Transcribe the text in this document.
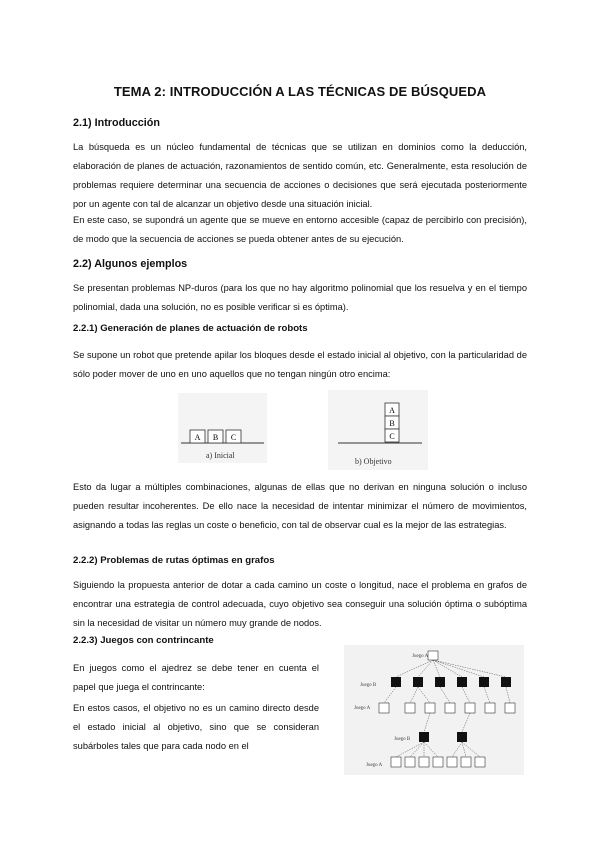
TEMA 2: INTRODUCCIÓN A LAS TÉCNICAS DE BÚSQUEDA
2.1) Introducción

La búsqueda es un núcleo fundamental de técnicas que se utilizan en dominios como la deducción, elaboración de planes de actuación, razonamientos de sentido común, etc. Generalmente, esta resolución de problemas requiere determinar una secuencia de acciones o decisiones que será ejecutada posteriormente por un agente con tal de alcanzar un objetivo desde una situación inicial.

En este caso, se supondrá un agente que se mueve en entorno accesible (capaz de percibirlo con precisión), de modo que la secuencia de acciones se pueda obtener antes de su ejecución.

2.2) Algunos ejemplos

Se presentan problemas NP-duros (para los que no hay algoritmo polinomial que los resuelva y en el tiempo polinomial, dada una solución, no es posible verificar si es óptima).

2.2.1) Generación de planes de actuación de robots

Se supone un robot que pretende apilar los bloques desde el estado inicial al objetivo, con la particularidad de sólo poder mover de uno en uno aquellos que no tengan ningún otro encima:

A B C
a) Inicial
A
B
C
b) Objetivo

Esto da lugar a múltiples combinaciones, algunas de ellas que no derivan en ninguna solución o incluso pueden resultar incoherentes. De ello nace la necesidad de intentar minimizar el número de movimientos, asignando a todas las reglas un coste o beneficio, con tal de observar cual es la mejor de las estrategias.

2.2.2) Problemas de rutas óptimas en grafos

Siguiendo la propuesta anterior de dotar a cada camino un coste o longitud, nace el problema en grafos de encontrar una estrategia de control adecuada, cuyo objetivo sea conseguir una solución óptima o subóptima sin la necesidad de visitar un número muy grande de nodos.

2.2.3) Juegos con contrincante

En juegos como el ajedrez se debe tener en cuenta el papel que juega el contrincante:

En estos casos, el objetivo no es un camino directo desde el estado inicial al objetivo, sino que se consideran subárboles tales que para cada nodo en el

Juego A
Juego B
Juego A
Juego B
Juego A
